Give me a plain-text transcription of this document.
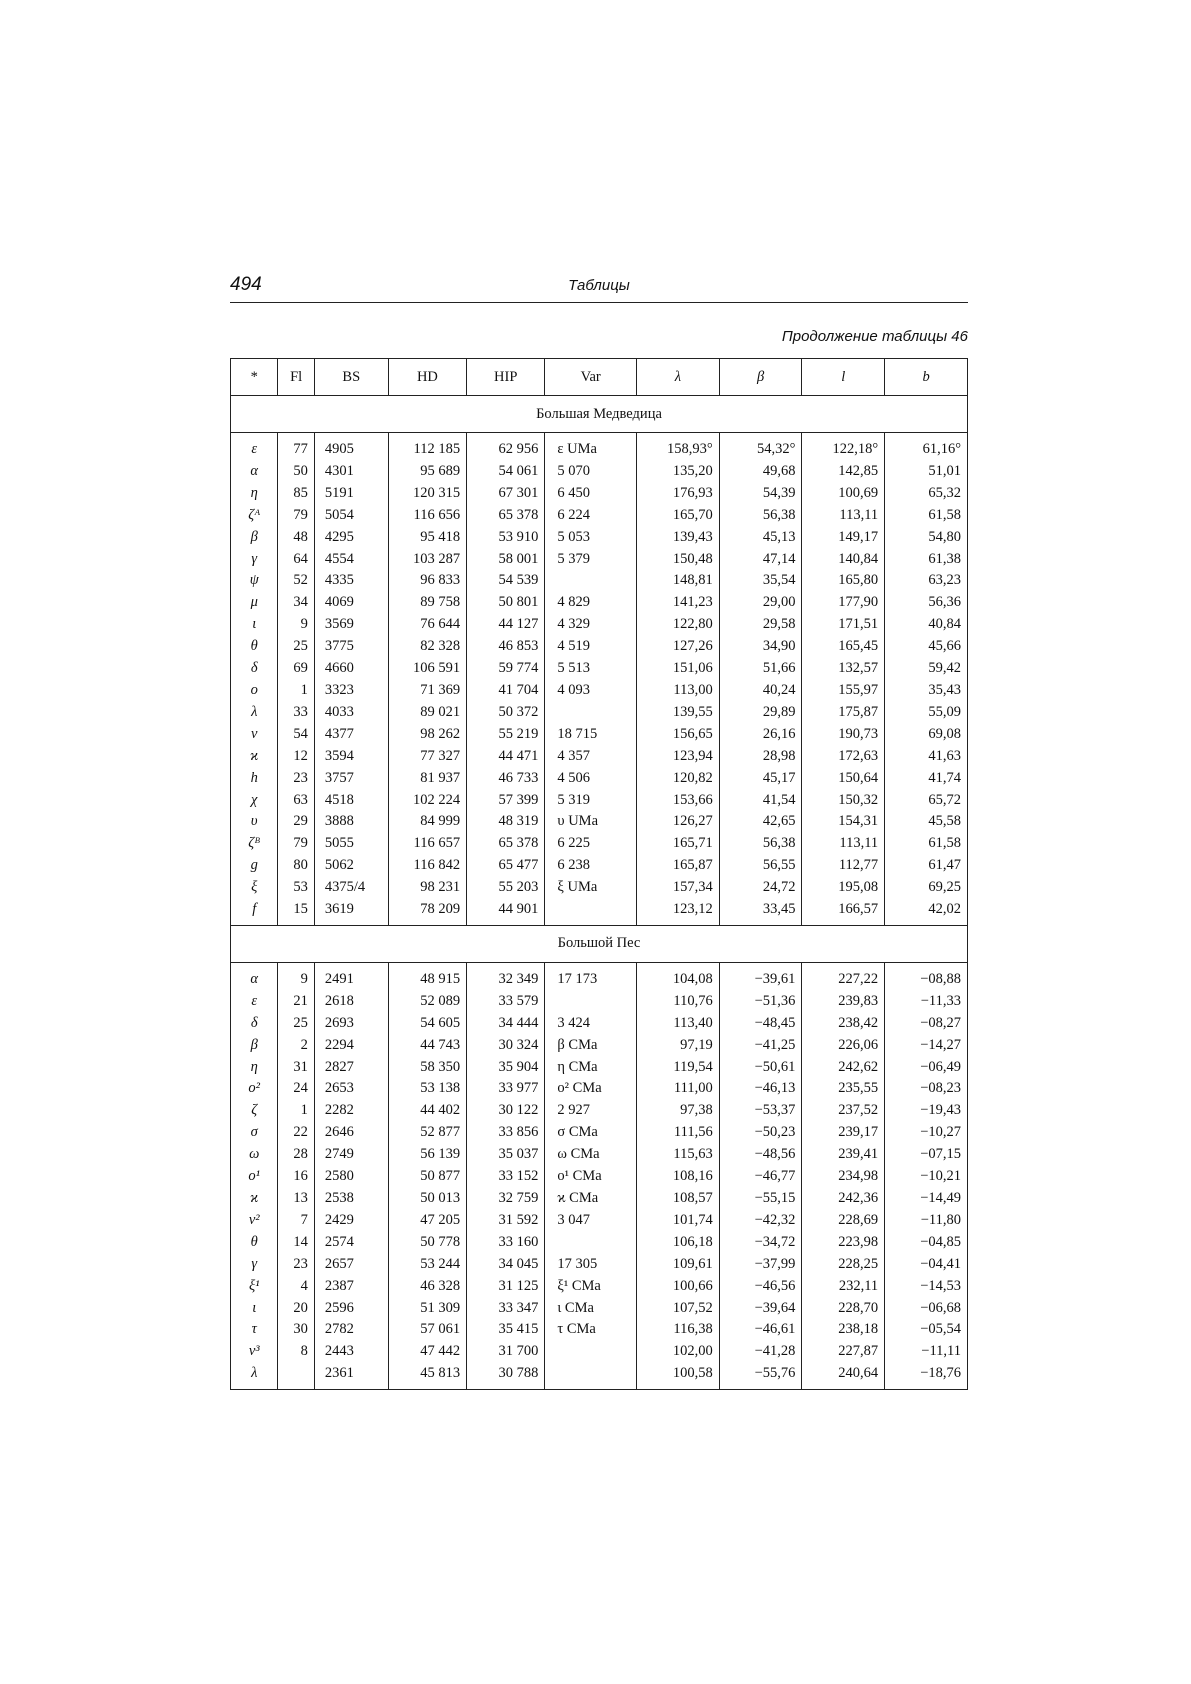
494	Таблицы
Продолжение таблицы 46
*	Fl	BS	HD	HIP	Var	λ	β	l	b
Большая Медведица									
ε	77	4905	112 185	62 956	ε UMa	158,93°	54,32°	122,18°	61,16°
α	50	4301	95 689	54 061	5 070	135,20	49,68	142,85	51,01
η	85	5191	120 315	67 301	6 450	176,93	54,39	100,69	65,32
ζᴬ	79	5054	116 656	65 378	6 224	165,70	56,38	113,11	61,58
β	48	4295	95 418	53 910	5 053	139,43	45,13	149,17	54,80
γ	64	4554	103 287	58 001	5 379	150,48	47,14	140,84	61,38
ψ	52	4335	96 833	54 539		148,81	35,54	165,80	63,23
μ	34	4069	89 758	50 801	4 829	141,23	29,00	177,90	56,36
ι	9	3569	76 644	44 127	4 329	122,80	29,58	171,51	40,84
θ	25	3775	82 328	46 853	4 519	127,26	34,90	165,45	45,66
δ	69	4660	106 591	59 774	5 513	151,06	51,66	132,57	59,42
ο	1	3323	71 369	41 704	4 093	113,00	40,24	155,97	35,43
λ	33	4033	89 021	50 372		139,55	29,89	175,87	55,09
ν	54	4377	98 262	55 219	18 715	156,65	26,16	190,73	69,08
ϰ	12	3594	77 327	44 471	4 357	123,94	28,98	172,63	41,63
h	23	3757	81 937	46 733	4 506	120,82	45,17	150,64	41,74
χ	63	4518	102 224	57 399	5 319	153,66	41,54	150,32	65,72
υ	29	3888	84 999	48 319	υ UMa	126,27	42,65	154,31	45,58
ζᴮ	79	5055	116 657	65 378	6 225	165,71	56,38	113,11	61,58
g	80	5062	116 842	65 477	6 238	165,87	56,55	112,77	61,47
ξ	53	4375/4	98 231	55 203	ξ UMa	157,34	24,72	195,08	69,25
f	15	3619	78 209	44 901		123,12	33,45	166,57	42,02
Большой Пес									
α	9	2491	48 915	32 349	17 173	104,08	−39,61	227,22	−08,88
ε	21	2618	52 089	33 579		110,76	−51,36	239,83	−11,33
δ	25	2693	54 605	34 444	3 424	113,40	−48,45	238,42	−08,27
β	2	2294	44 743	30 324	β CMa	97,19	−41,25	226,06	−14,27
η	31	2827	58 350	35 904	η CMa	119,54	−50,61	242,62	−06,49
ο²	24	2653	53 138	33 977	ο² CMa	111,00	−46,13	235,55	−08,23
ζ	1	2282	44 402	30 122	2 927	97,38	−53,37	237,52	−19,43
σ	22	2646	52 877	33 856	σ CMa	111,56	−50,23	239,17	−10,27
ω	28	2749	56 139	35 037	ω CMa	115,63	−48,56	239,41	−07,15
ο¹	16	2580	50 877	33 152	ο¹ CMa	108,16	−46,77	234,98	−10,21
ϰ	13	2538	50 013	32 759	ϰ CMa	108,57	−55,15	242,36	−14,49
ν²	7	2429	47 205	31 592	3 047	101,74	−42,32	228,69	−11,80
θ	14	2574	50 778	33 160		106,18	−34,72	223,98	−04,85
γ	23	2657	53 244	34 045	17 305	109,61	−37,99	228,25	−04,41
ξ¹	4	2387	46 328	31 125	ξ¹ CMa	100,66	−46,56	232,11	−14,53
ι	20	2596	51 309	33 347	ι CMa	107,52	−39,64	228,70	−06,68
τ	30	2782	57 061	35 415	τ CMa	116,38	−46,61	238,18	−05,54
ν³	8	2443	47 442	31 700		102,00	−41,28	227,87	−11,11
λ		2361	45 813	30 788		100,58	−55,76	240,64	−18,76
